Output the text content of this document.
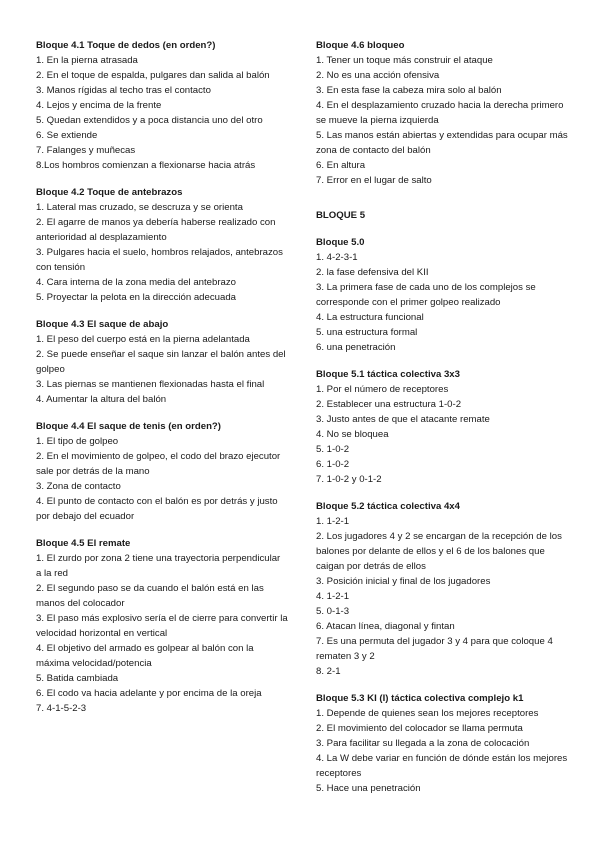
Bloque 4.1 Toque de dedos (en orden?)

1. En la pierna atrasada

2. En el toque de espalda, pulgares dan salida al balón

3. Manos rígidas al techo tras el contacto

4. Lejos y encima de la frente

5. Quedan extendidos y a poca distancia uno del otro

6. Se extiende

7. Falanges y muñecas

8.Los hombros comienzan a flexionarse hacia atrás

Bloque 4.2 Toque de antebrazos

1. Lateral mas cruzado, se descruza y se orienta

2. El agarre de manos ya debería haberse realizado con anterioridad al desplazamiento

3. Pulgares hacia el suelo, hombros relajados, antebrazos con tensión

4. Cara interna de la zona media del antebrazo

5. Proyectar la pelota en la dirección adecuada

Bloque 4.3 El saque de abajo

1. El peso del cuerpo está en la pierna adelantada

2. Se puede enseñar el saque sin lanzar el balón antes del golpeo

3. Las piernas se mantienen flexionadas hasta el final

4. Aumentar la altura del balón

Bloque 4.4 El saque de tenis (en orden?)

1. El tipo de golpeo

2. En el movimiento de golpeo, el codo del brazo ejecutor sale por detrás de la mano

3. Zona de contacto

4. El punto de contacto con el balón es por detrás y justo por debajo del ecuador

Bloque 4.5 El remate

1. El zurdo por zona 2 tiene una trayectoria perpendicular a la red

2. El segundo paso se da cuando el balón está en las manos del colocador

3. El paso más explosivo sería el de cierre para convertir la velocidad horizontal en vertical

4. El objetivo del armado es golpear al balón con la máxima velocidad/potencia

5. Batida cambiada

6. El codo va hacia adelante y por encima de la oreja

7. 4-1-5-2-3

Bloque 4.6 bloqueo

1. Tener un toque más construir el ataque

2. No es una acción ofensiva

3. En esta fase la cabeza mira solo al balón

4. En el desplazamiento cruzado hacia la derecha primero se mueve la pierna izquierda

5. Las manos están abiertas y extendidas para ocupar más zona de contacto del balón

6. En altura

7. Error en el lugar de salto

BLOQUE 5

Bloque 5.0

1. 4-2-3-1

2. la fase defensiva del KII

3. La primera fase de cada uno de los complejos se corresponde con el primer golpeo realizado

4. La estructura funcional

5. una estructura formal

6. una penetración

Bloque 5.1 táctica colectiva 3x3

1. Por el número de receptores

2. Establecer una estructura 1-0-2

3. Justo antes de que el atacante remate

4. No se bloquea

5. 1-0-2

6. 1-0-2

7. 1-0-2 y 0-1-2

Bloque 5.2 táctica colectiva 4x4

1. 1-2-1

2. Los jugadores 4 y 2 se encargan de la recepción de los balones por delante de ellos y el 6 de los balones que caigan por detrás de ellos

3. Posición inicial y final de los jugadores

4. 1-2-1

5. 0-1-3

6. Atacan línea, diagonal y fintan

7. Es una permuta del jugador 3 y 4 para que coloque 4 rematen 3 y 2

8. 2-1

Bloque 5.3 KI (I) táctica colectiva complejo k1

1. Depende de quienes sean los mejores receptores

2. El movimiento del colocador se llama permuta

3. Para facilitar su llegada a la zona de colocación

4. La W debe variar en función de dónde están los mejores receptores

5. Hace una penetración
